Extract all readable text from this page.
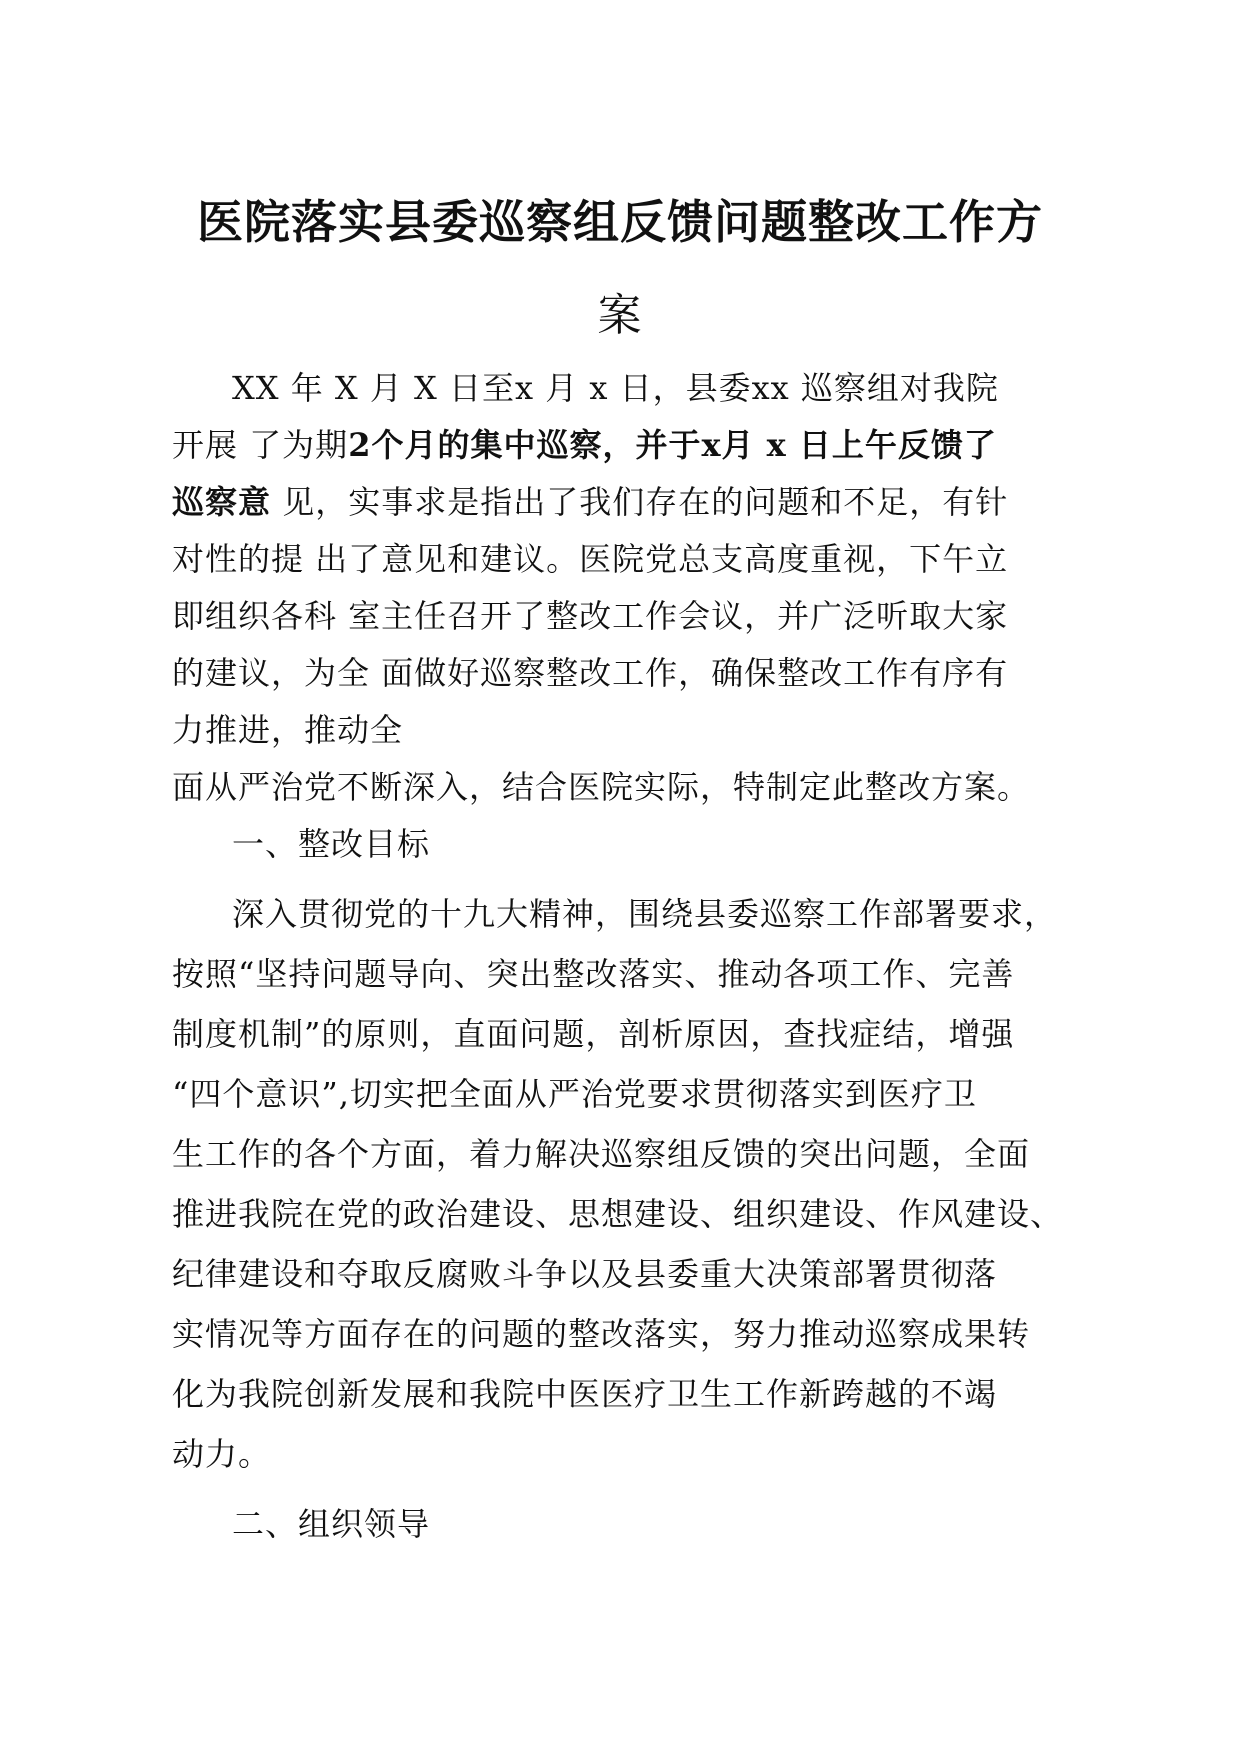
医院落实县委巡察组反馈问题整改工作方
案
XX 年 X 月 X 日至x 月 x 日，县委xx 巡察组对我院
开展 了为期2个月的集中巡察，并于x月 x 日上午反馈了
巡察意 见，实事求是指出了我们存在的问题和不足，有针
对性的提 出了意见和建议。医院党总支高度重视，下午立
即组织各科 室主任召开了整改工作会议，并广泛听取大家
的建议，为全 面做好巡察整改工作，确保整改工作有序有
力推进，推动全
面从严治党不断深入，结合医院实际，特制定此整改方案。
一、整改目标
深入贯彻党的十九大精神，围绕县委巡察工作部署要求，
按照“坚持问题导向、突出整改落实、推动各项工作、完善
制度机制”的原则，直面问题，剖析原因，查找症结，增强
“四个意识”,切实把全面从严治党要求贯彻落实到医疗卫
生工作的各个方面，着力解决巡察组反馈的突出问题，全面
推进我院在党的政治建设、思想建设、组织建设、作风建设、
纪律建设和夺取反腐败斗争以及县委重大决策部署贯彻落
实情况等方面存在的问题的整改落实，努力推动巡察成果转
化为我院创新发展和我院中医医疗卫生工作新跨越的不竭
动力。
二、组织领导
